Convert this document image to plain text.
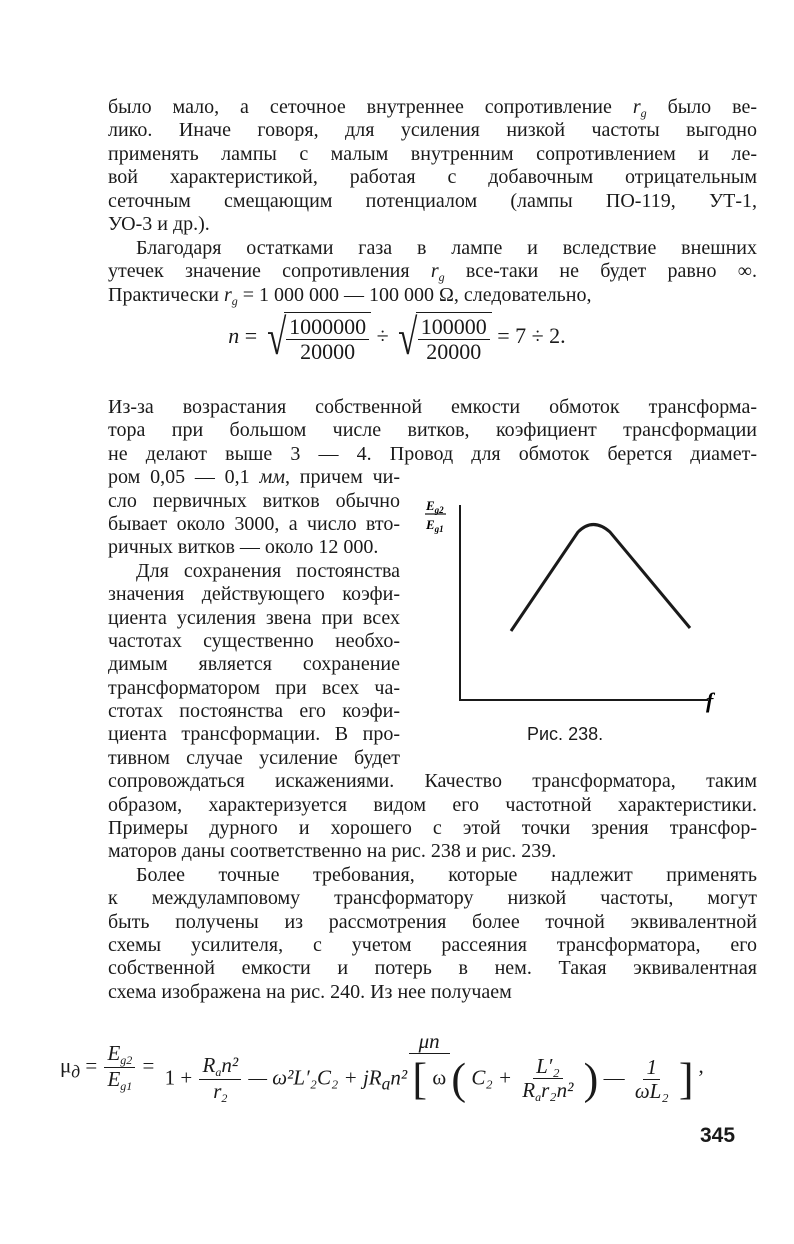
было мало, а сеточное внутреннее сопротивление $r_g$ было ве-
лико. Иначе говоря, для усиления низкой частоты выгодно
применять лампы с малым внутренним сопротивлением и ле-
вой характеристикой, работая с добавочным отрицательным
сеточным смещающим потенциалом (лампы ПО-119, УТ-1,
УО-3 и др.).
Благодаря остатками газа в лампе и вследствие внешних
утечек значение сопротивления $r_g$ все-таки не будет равно ∞.
Практически $r_g = 1$ 000 000 — 100 000 Ω, следовательно,
n = √ $\frac{1000000}{20000}$ ÷ √ $\frac{100000}{20000} = 7 \div 2$.
Из-за возрастания собственной емкости обмоток трансформа-
тора при большом числе витков, коэфициент трансформации
не делают выше 3 — 4. Провод для обмоток берется диамет-
ром 0,05 — 0,1 мм, причем чи-
сло первичных витков обычно
бывает около 3000, а число вто-
ричных витков — около 12 000.
Для сохранения постоянства
значения действующего коэфи-
циента усиления звена при всех
частотах существенно необхо-
димым является сохранение
трансформатором при всех ча-
стотах постоянства его коэфи-
циента трансформации. В про-
тивном случае усиление будет
сопровождаться искажениями. Качество трансформатора, таким
образом, характеризуется видом его частотной характеристики.
Примеры дурного и хорошего с этой точки зрения трансфор-
маторов даны соответственно на рис. 238 и рис. 239.
Более точные требования, которые надлежит применять
к междуламповому трансформатору низкой частоты, могут
быть получены из рассмотрения более точной эквивалентной
схемы усилителя, с учетом рассеяния трансформатора, его
собственной емкости и потерь в нем. Такая эквивалентная
схема изображена на рис. 240. Из нее получаем
$E_{g2}$
$E_{g1}$
f
Рис. 238.
$\mu_д = \frac{E_{g2}}{E_{g1}}$ =
μn
$1 + \frac{R_an^2}{r_2}$ — $\omega^2L'_2C_2 + jR_an^2$ [ ω ( $C_2 + \frac{\text{L′₂}}{R_ar_2n^2}$ ) — $\frac{1}{\text{ωL₂}}$ ] ,
345
